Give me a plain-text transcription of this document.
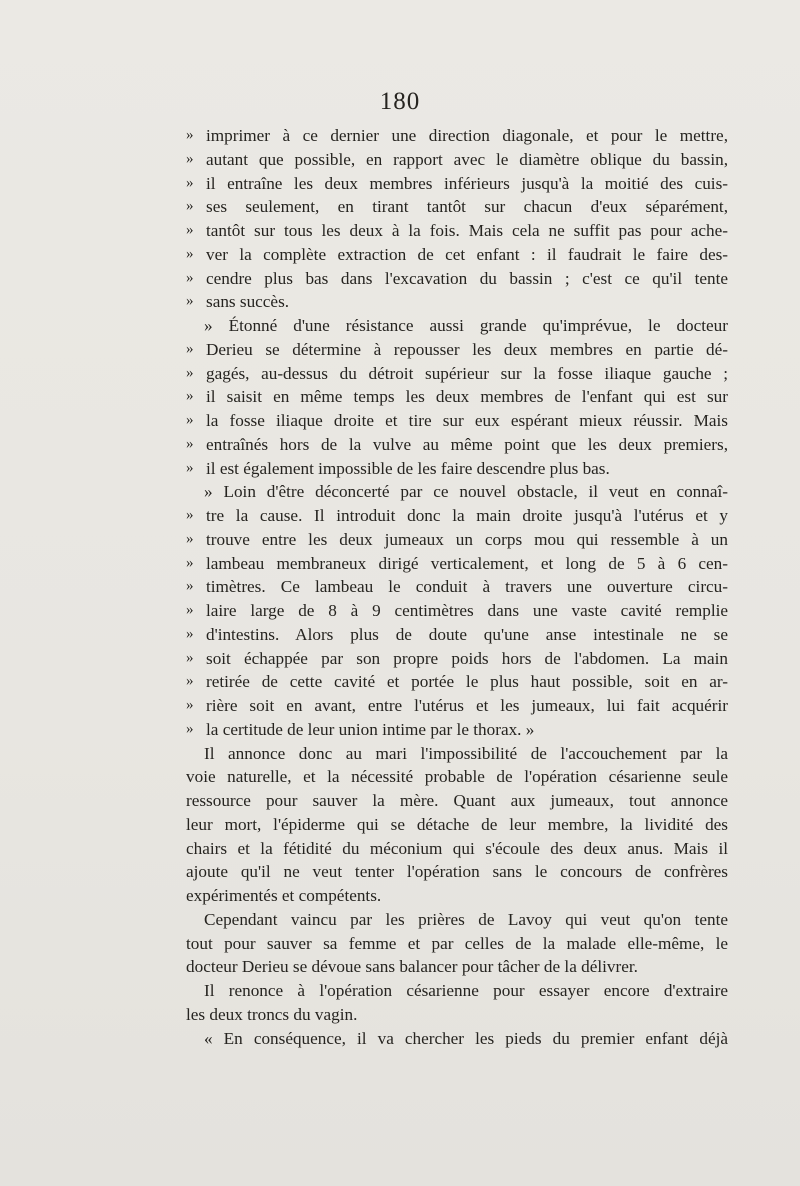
180
» imprimer à ce dernier une direction diagonale, et pour le mettre,
» autant que possible, en rapport avec le diamètre oblique du bassin,
» il entraîne les deux membres inférieurs jusqu'à la moitié des cuis-
» ses seulement, en tirant tantôt sur chacun d'eux séparément,
» tantôt sur tous les deux à la fois. Mais cela ne suffit pas pour ache-
» ver la complète extraction de cet enfant : il faudrait le faire des-
» cendre plus bas dans l'excavation du bassin ; c'est ce qu'il tente
» sans succès.
» Étonné d'une résistance aussi grande qu'imprévue, le docteur
» Derieu se détermine à repousser les deux membres en partie dé-
» gagés, au-dessus du détroit supérieur sur la fosse iliaque gauche ;
» il saisit en même temps les deux membres de l'enfant qui est sur
» la fosse iliaque droite et tire sur eux espérant mieux réussir. Mais
» entraînés hors de la vulve au même point que les deux premiers,
» il est également impossible de les faire descendre plus bas.
» Loin d'être déconcerté par ce nouvel obstacle, il veut en connaî-
» tre la cause. Il introduit donc la main droite jusqu'à l'utérus et y
» trouve entre les deux jumeaux un corps mou qui ressemble à un
» lambeau membraneux dirigé verticalement, et long de 5 à 6 cen-
» timètres. Ce lambeau le conduit à travers une ouverture circu-
» laire large de 8 à 9 centimètres dans une vaste cavité remplie
» d'intestins. Alors plus de doute qu'une anse intestinale ne se
» soit échappée par son propre poids hors de l'abdomen. La main
» retirée de cette cavité et portée le plus haut possible, soit en ar-
» rière soit en avant, entre l'utérus et les jumeaux, lui fait acquérir
» la certitude de leur union intime par le thorax. »
Il annonce donc au mari l'impossibilité de l'accouchement par la
voie naturelle, et la nécessité probable de l'opération césarienne seule
ressource pour sauver la mère. Quant aux jumeaux, tout annonce
leur mort, l'épiderme qui se détache de leur membre, la lividité des
chairs et la fétidité du méconium qui s'écoule des deux anus. Mais il
ajoute qu'il ne veut tenter l'opération sans le concours de confrères
expérimentés et compétents.
Cependant vaincu par les prières de Lavoy qui veut qu'on tente
tout pour sauver sa femme et par celles de la malade elle-même, le
docteur Derieu se dévoue sans balancer pour tâcher de la délivrer.
Il renonce à l'opération césarienne pour essayer encore d'extraire
les deux troncs du vagin.
« En conséquence, il va chercher les pieds du premier enfant déjà
